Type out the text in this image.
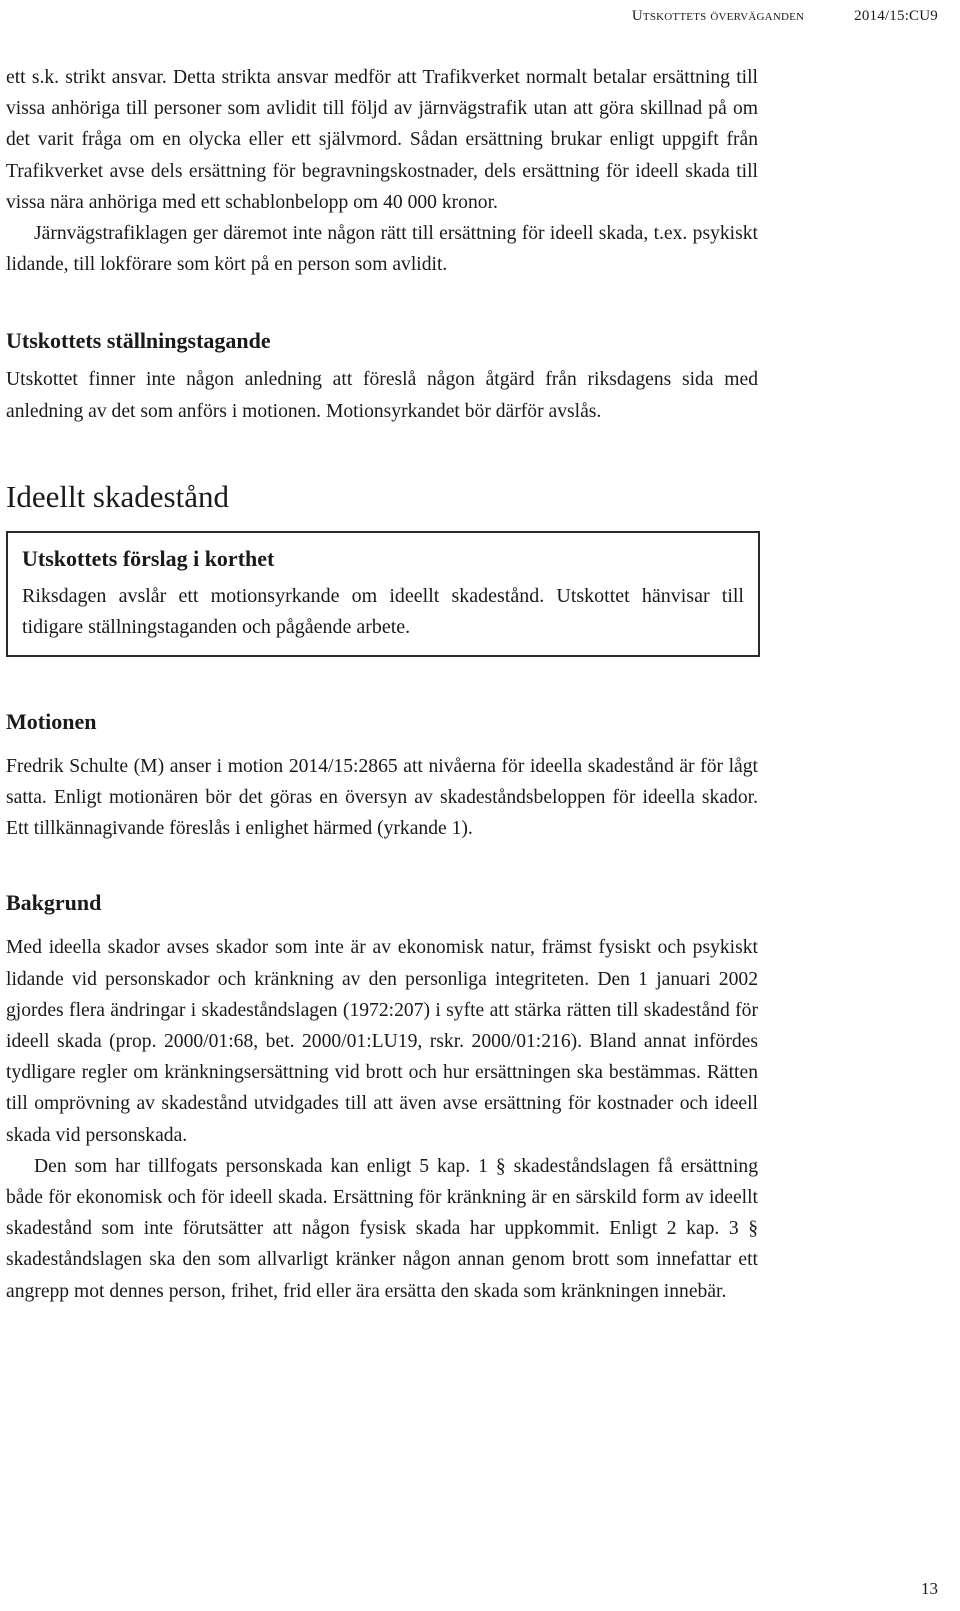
Utskottets överväganden	2014/15:CU9

ett s.k. strikt ansvar. Detta strikta ansvar medför att Trafikverket normalt betalar ersättning till vissa anhöriga till personer som avlidit till följd av järnvägstrafik utan att göra skillnad på om det varit fråga om en olycka eller ett självmord. Sådan ersättning brukar enligt uppgift från Trafikverket avse dels ersättning för begravningskostnader, dels ersättning för ideell skada till vissa nära anhöriga med ett schablonbelopp om 40 000 kronor.

Järnvägstrafiklagen ger däremot inte någon rätt till ersättning för ideell skada, t.ex. psykiskt lidande, till lokförare som kört på en person som avlidit.

Utskottets ställningstagande

Utskottet finner inte någon anledning att föreslå någon åtgärd från riksdagens sida med anledning av det som anförs i motionen. Motionsyrkandet bör därför avslås.

Ideellt skadestånd
Utskottets förslag i korthet

Riksdagen avslår ett motionsyrkande om ideellt skadestånd. Utskottet hänvisar till tidigare ställningstaganden och pågående arbete.

Motionen

Fredrik Schulte (M) anser i motion 2014/15:2865 att nivåerna för ideella skadestånd är för lågt satta. Enligt motionären bör det göras en översyn av skadeståndsbeloppen för ideella skador. Ett tillkännagivande föreslås i enlighet härmed (yrkande 1).

Bakgrund

Med ideella skador avses skador som inte är av ekonomisk natur, främst fysiskt och psykiskt lidande vid personskador och kränkning av den personliga integriteten. Den 1 januari 2002 gjordes flera ändringar i skadeståndslagen (1972:207) i syfte att stärka rätten till skadestånd för ideell skada (prop. 2000/01:68, bet. 2000/01:LU19, rskr. 2000/01:216). Bland annat infördes tydligare regler om kränkningsersättning vid brott och hur ersättningen ska bestämmas. Rätten till omprövning av skadestånd utvidgades till att även avse ersättning för kostnader och ideell skada vid personskada.

Den som har tillfogats personskada kan enligt 5 kap. 1 § skadeståndslagen få ersättning både för ekonomisk och för ideell skada. Ersättning för kränkning är en särskild form av ideellt skadestånd som inte förutsätter att någon fysisk skada har uppkommit. Enligt 2 kap. 3 § skadeståndslagen ska den som allvarligt kränker någon annan genom brott som innefattar ett angrepp mot dennes person, frihet, frid eller ära ersätta den skada som kränkningen innebär.

13
